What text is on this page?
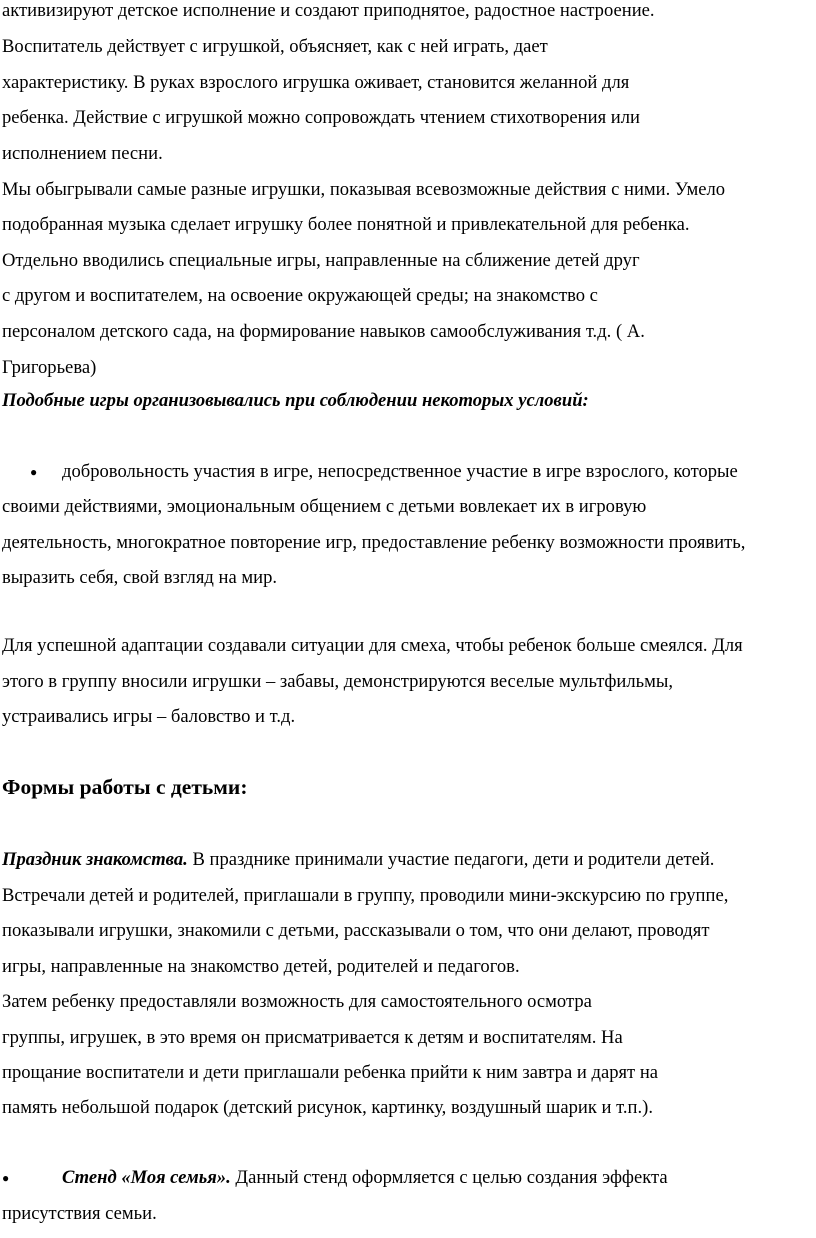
активизируют детское исполнение и создают приподнятое, радостное настроение.
Воспитатель действует с игрушкой, объясняет, как с ней играть, дает
характеристику. В руках взрослого игрушка оживает, становится желанной для
ребенка. Действие с игрушкой можно сопровождать чтением стихотворения или
исполнением песни.
Мы обыгрывали самые разные игрушки, показывая всевозможные действия с ними. Умело
подобранная музыка сделает игрушку более понятной и привлекательной для ребенка.
Отдельно вводились специальные игры, направленные на сближение детей друг
с другом и воспитателем, на освоение окружающей среды; на знакомство с
персоналом детского сада, на формирование навыков самообслуживания т.д. ( А.
Григорьева)
Подобные игры организовывались при соблюдении некоторых условий:
●
добровольность участия в игре, непосредственное участие в игре взрослого, которые
своими действиями, эмоциональным общением с детьми вовлекает их в игровую
деятельность, многократное повторение игр, предоставление ребенку возможности проявить,
выразить себя, свой взгляд на мир.
Для успешной адаптации создавали ситуации для смеха, чтобы ребенок больше смеялся. Для
этого в группу вносили игрушки – забавы, демонстрируются веселые мультфильмы,
устраивались игры – баловство и т.д.
Формы работы с детьми:
Праздник знакомства. В празднике принимали участие педагоги, дети и родители детей.
Встречали детей и родителей, приглашали в группу, проводили мини-экскурсию по группе,
показывали игрушки, знакомили с детьми, рассказывали о том, что они делают, проводят
игры, направленные на знакомство детей, родителей и педагогов.
Затем ребенку предоставляли возможность для самостоятельного осмотра
группы, игрушек, в это время он присматривается к детям и воспитателям. На
прощание воспитатели и дети приглашали ребенка прийти к ним завтра и дарят на
память небольшой подарок (детский рисунок, картинку, воздушный шарик и т.п.).
●
Стенд «Моя семья». Данный стенд оформляется с целью создания эффекта
присутствия семьи.
